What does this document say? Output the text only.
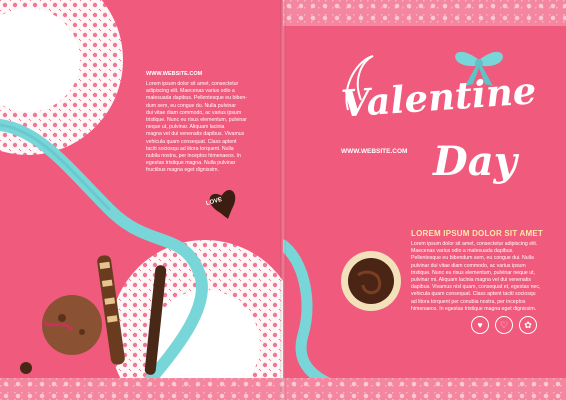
WWW.WEBSITE.COM
Lorem ipsum dolor sit amet, consectetur
adipiscing elit. Maecenas varius odio a
malesuada dapibus. Pellentesque eu biben-
dum sem, eu congue du. Nulla pulvinar
dui vitae diam commodo, ac varius ipsum
tristique. Nunc eu risus elementum, pulvinar
neque ut, pulvinar. Aliquam lacinia
magna vel dui venenatis dapibus. Vivamus
vehicula quam consequat. Class aptent
taciti sociosqu ad litora torquent. Nulla
nubila nostra, per inceptos himenaeos. In
egestas tristique magna. Nulla pulvinar
fructibus magna eget dignissim.
LOVE
Valentine
Day
WWW.WEBSITE.COM
LOREM IPSUM DOLOR SIT AMET
Lorem ipsum dolor sit amet, consectetur adipiscing elit.
Maecenas varius odio a malesuada dapibus.
Pellentesque eu bibendum sem, eu congue dui. Nulla
pulvinar dui vitae diam commodo, ac varius ipsum
tristique. Nunc eu risus elementum, pulvinar neque ut,
pulvinar mi. Aliquam lacinia magna vel dui venenatis
dapibus. Vivamus nisl quam, consequat et, egestas nec,
vehicula quam consequat. Class aptent taciti sociosqu
ad litora torquent per conubia nostra, per inceptos
himenaeos. In egestas tristique magna eget dignissim.
♥	♡	✿
